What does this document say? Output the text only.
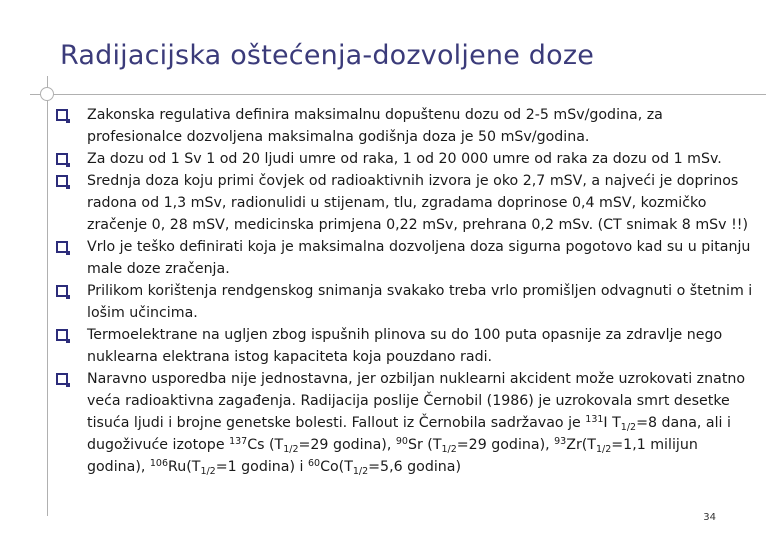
Radijacijska oštećenja-dozvoljene doze
Zakonska regulativa definira maksimalnu dopuštenu dozu od 2-5 mSv/godina, za profesionalce dozvoljena maksimalna godišnja doza je 50 mSv/godina.
Za dozu od 1 Sv 1 od 20 ljudi umre od raka, 1 od 20 000 umre od raka za dozu od 1 mSv.
Srednja doza koju primi čovjek od radioaktivnih izvora je oko 2,7 mSV, a najveći je doprinos radona od 1,3 mSv, radionulidi u stijenam, tlu, zgradama doprinose 0,4 mSV, kozmičko zračenje 0, 28 mSV, medicinska primjena 0,22 mSv, prehrana 0,2 mSv. (CT snimak 8 mSv !!)
Vrlo je teško definirati koja je maksimalna dozvoljena doza sigurna pogotovo kad su u pitanju male doze zračenja.
Prilikom korištenja rendgenskog snimanja svakako treba vrlo promišljen odvagnuti o štetnim i lošim učincima.
Termoelektrane na ugljen zbog ispušnih plinova su do 100 puta opasnije za zdravlje nego nuklearna elektrana istog kapaciteta koja pouzdano radi.
Naravno usporedba nije jednostavna, jer ozbiljan nuklearni akcident može uzrokovati znatno veća radioaktivna zagađenja. Radijacija poslije Černobil (1986) je uzrokovala smrt desetke tisuća ljudi i brojne genetske bolesti. Fallout iz Černobila sadržavao je $^{131}$I $T_{1/2}=8$ dana, ali i dugoživuće izotope $^{137}$Cs ($T_{1/2}=29$ godina), $^{90}$Sr ($T_{1/2}=29$ godina), $^{93}Zr(T_{1/2}=1,1$ milijun godina), $^{106}Ru(T_{1/2}=1$ godina) i $^{60}Co(T_{1/2}=5,6$ godina)
34
